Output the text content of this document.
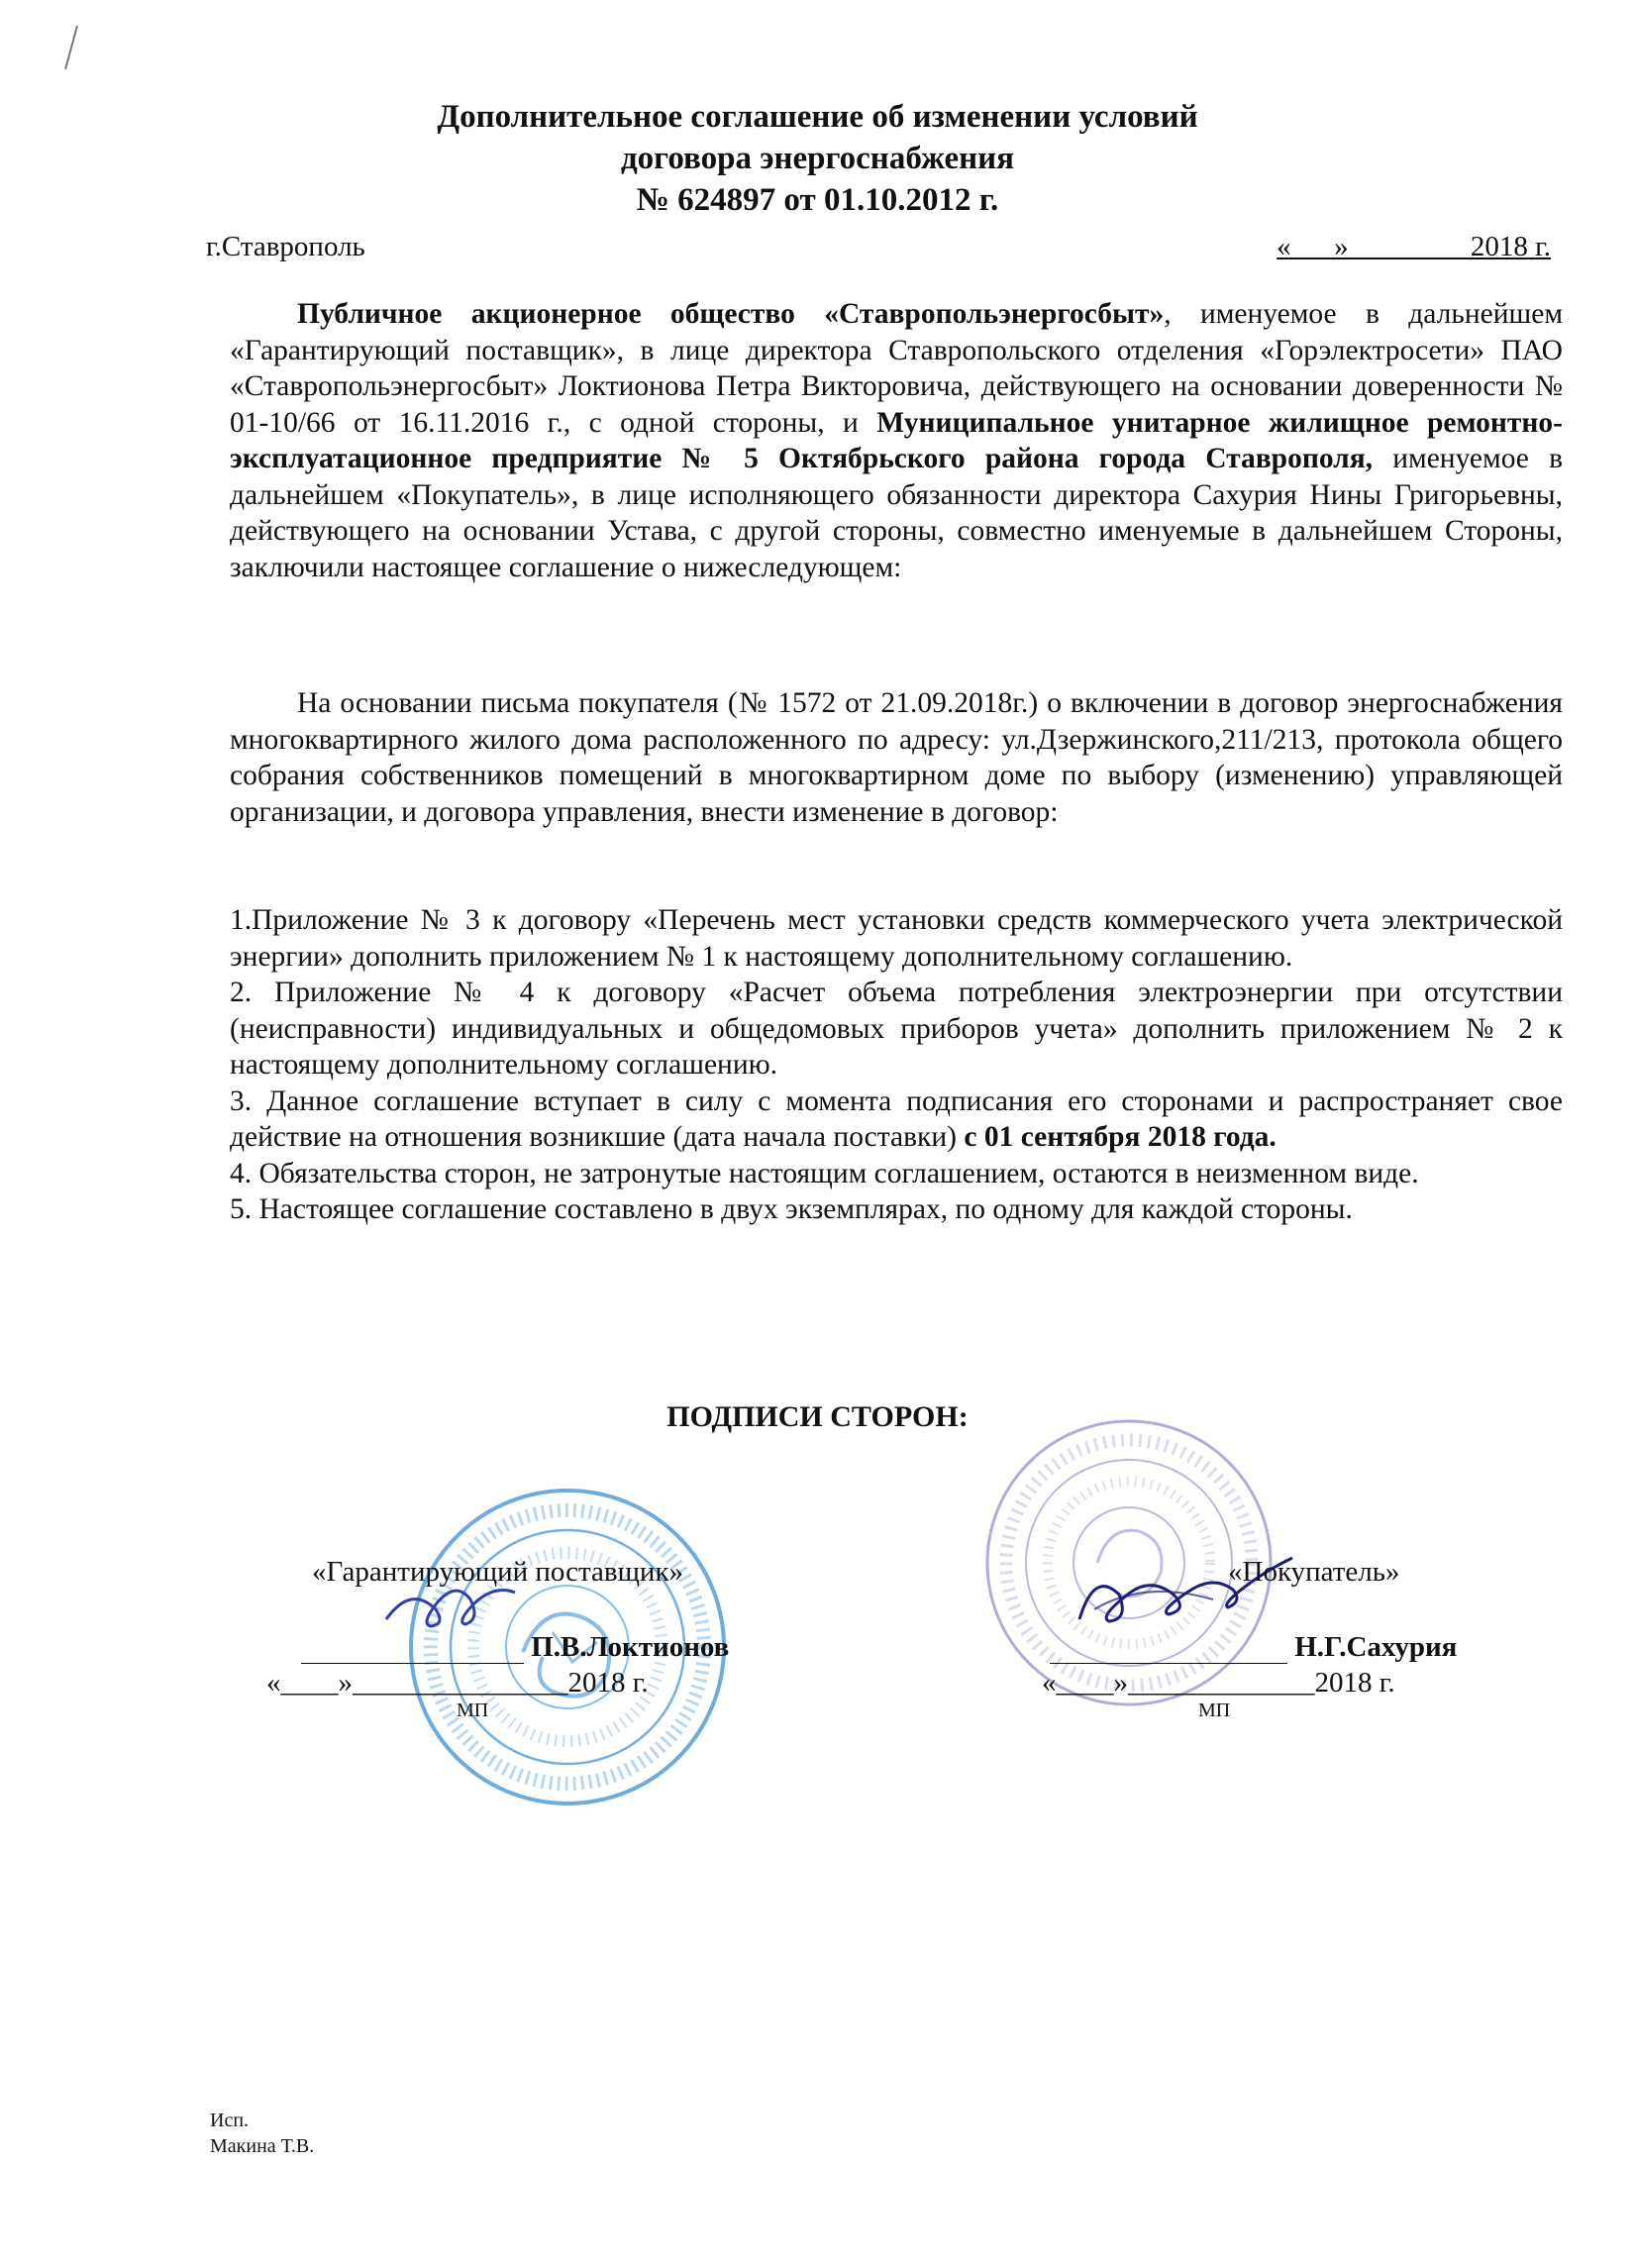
Дополнительное соглашение об изменении условий
договора энергоснабжения
№ 624897 от 01.10.2012 г.
г.Ставрополь	«      »                 2018 г.

Публичное акционерное общество «Ставропольэнергосбыт», именуемое в дальнейшем «Гарантирующий поставщик», в лице директора Ставропольского отделения «Горэлектросети» ПАО «Ставропольэнергосбыт» Локтионова Петра Викторовича, действующего на основании доверенности № 01-10/66 от 16.11.2016 г., с одной стороны, и Муниципальное унитарное жилищное ремонтно-эксплуатационное предприятие № 5 Октябрьского района города Ставрополя, именуемое в дальнейшем «Покупатель», в лице исполняющего обязанности директора Сахурия Нины Григорьевны, действующего на основании Устава, с другой стороны, совместно именуемые в дальнейшем Стороны, заключили настоящее соглашение о нижеследующем:

На основании письма покупателя (№ 1572 от 21.09.2018г.) о включении в договор энергоснабжения многоквартирного жилого дома расположенного по адресу: ул.Дзержинского,211/213, протокола общего собрания собственников помещений в многоквартирном доме по выбору (изменению) управляющей организации, и договора управления, внести изменение в договор:

1.Приложение № 3 к договору «Перечень мест установки средств коммерческого учета электрической энергии» дополнить приложением № 1 к настоящему дополнительному соглашению.

2. Приложение № 4 к договору «Расчет объема потребления электроэнергии при отсутствии (неисправности) индивидуальных и общедомовых приборов учета» дополнить приложением № 2 к настоящему дополнительному соглашению.

3. Данное соглашение вступает в силу с момента подписания его сторонами и распространяет свое действие на отношения возникшие (дата начала поставки) с 01 сентября 2018 года.

4. Обязательства сторон, не затронутые настоящим соглашением, остаются в неизменном виде.

5. Настоящее соглашение составлено в двух экземплярах, по одному для каждой стороны.

ПОДПИСИ СТОРОН:
«Гарантирующий поставщик»
П.В.Локтионов
«____»_______________2018 г.
МП
«Покупатель»
Н.Г.Сахурия
«____»_____________2018 г.
МП
Исп.
Макина Т.В.
